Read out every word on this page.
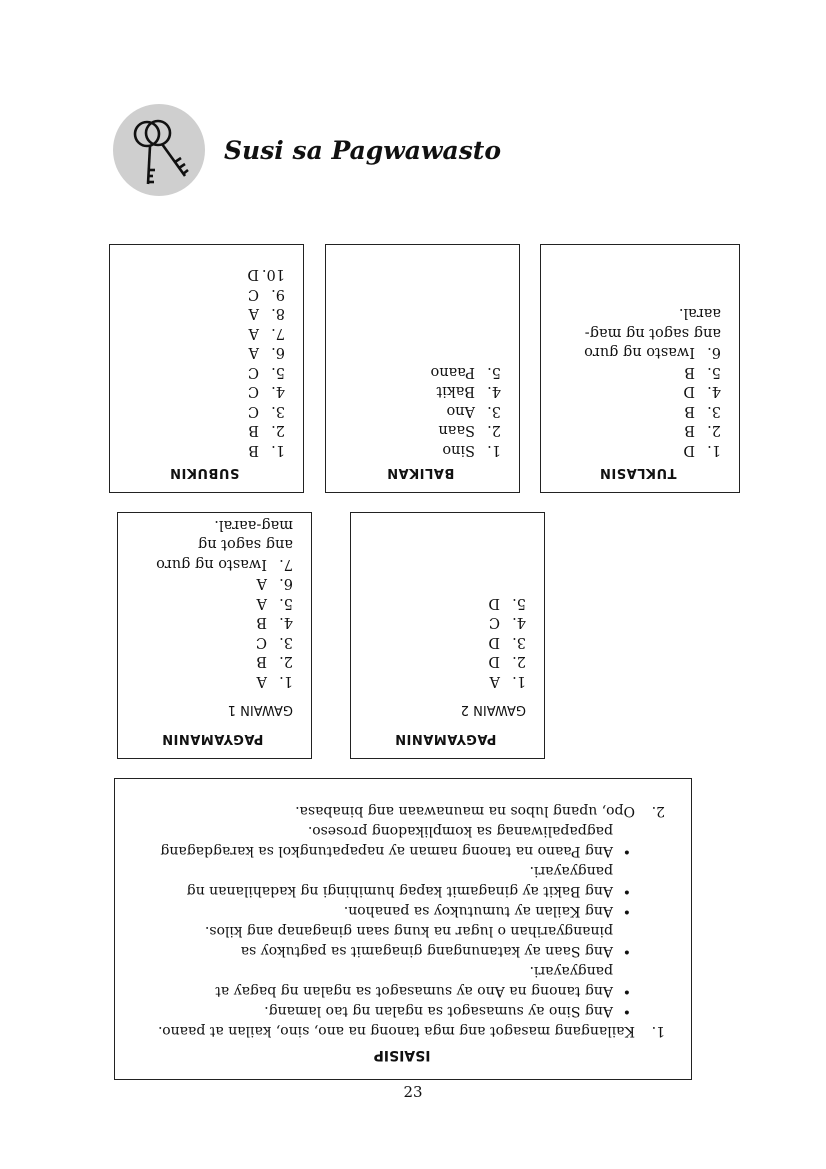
Susi sa Pagwawasto
TUKLASIN
1.D
2.B
3.B
4.D
5.B
6.Iwasto ng guro
ang sagot ng mag-
aaral.
BALIKAN
1.Sino
2.Saan
3.Ano
4.Bakit
5.Paano
SUBUKIN
1.B
2.B
3.C
4.C
5.C
6.A
7.A
8.A
9.C
10.D
PAGYAMANIN
GAWAIN 2
1.A
2.D
3.D
4.C
5.D
PAGYAMANIN
GAWAIN 1
1.A
2.B
3.C
4.B
5.A
6.A
7.Iwasto ng guro
ang sagot ng
mag-aaral.
ISAISIP
1.
Kailangang masagot ang mga tanong na ano, sino, kailan at paano.
•
Ang Sino ay sumasagot sa ngalan ng tao lamang.
•
Ang tanong na Ano ay sumasagot sa ngalan ng bagay at pangyayari.
•
Ang Saan ay katanungang ginagamit sa pagtukoy sa pinangyarihan o lugar na kung saan ginaganap ang kilos.
•
Ang Kailan ay tumutukoy sa panahon.
•
Ang Bakit ay ginagamit kapag humihingi ng kadahilanan ng pangyayari.
•
Ang Paano na tanong naman ay napapatungkol sa karagdagang pagpapaliwanag sa komplikadong proseso.
2.
Opo, upang lubos na maunawaan ang binabasa.
23
